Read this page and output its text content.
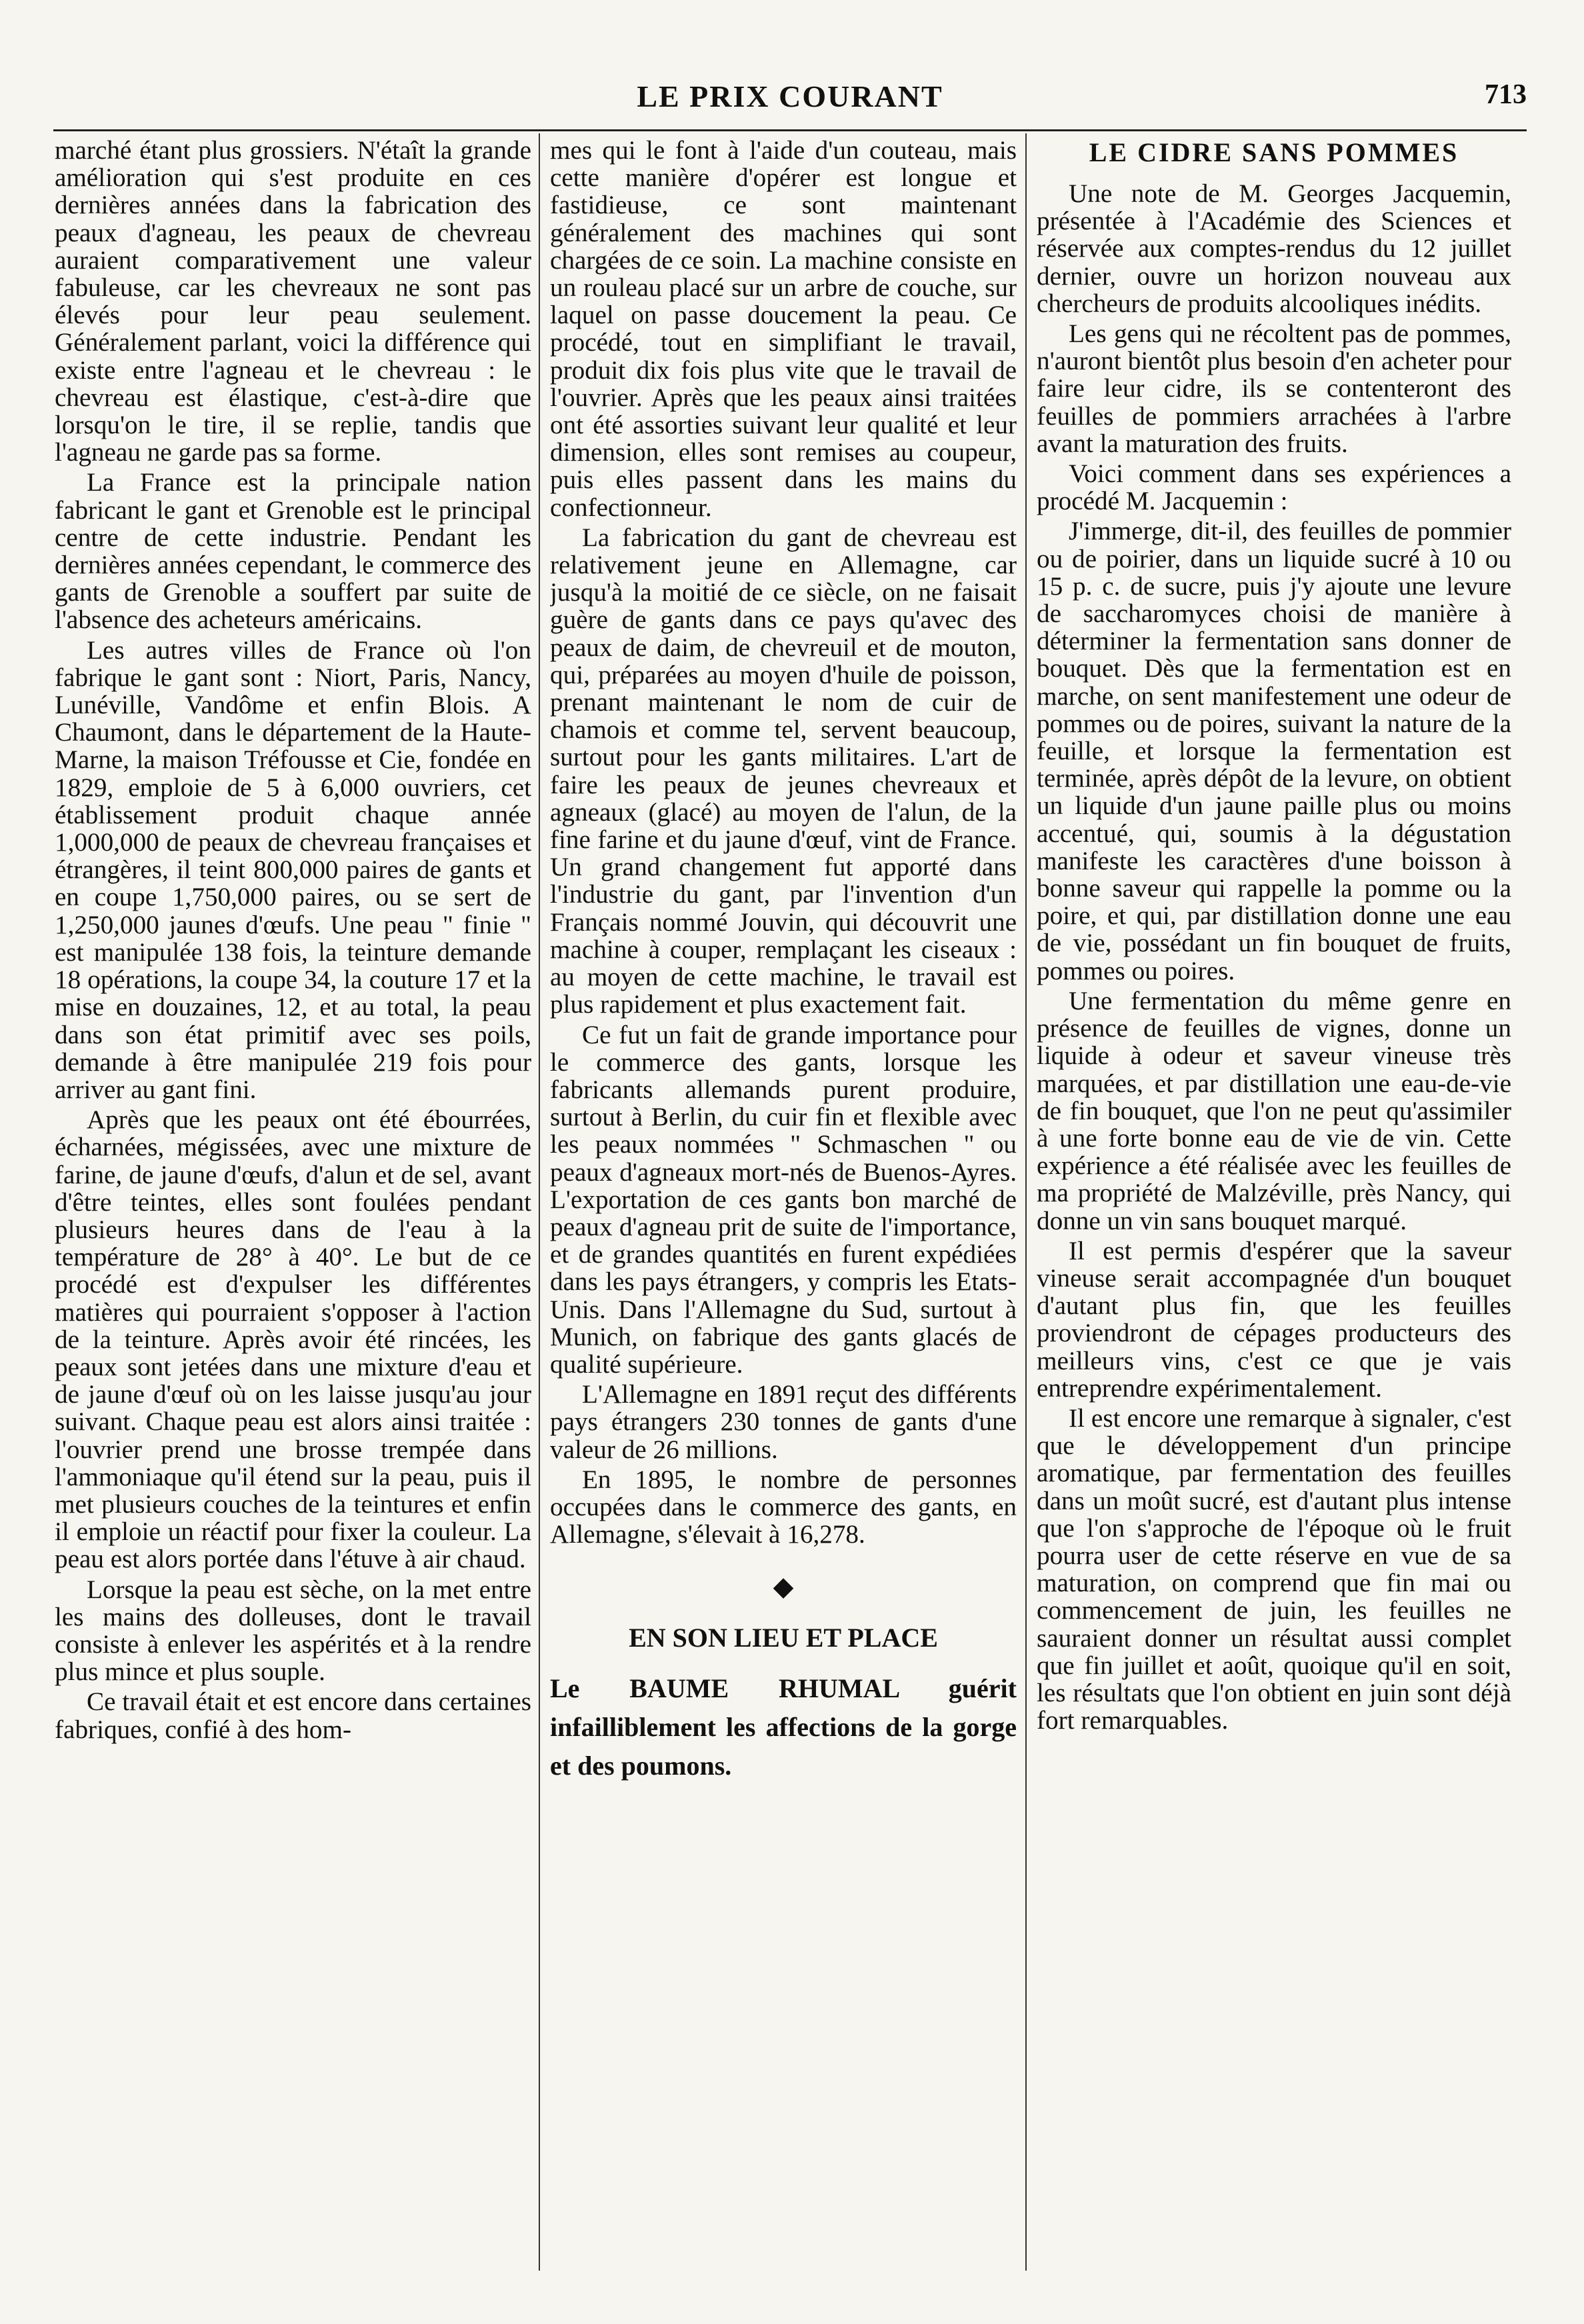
LE PRIX COURANT	713

marché étant plus grossiers. N'étaît la grande amélioration qui s'est produite en ces dernières années dans la fabrication des peaux d'agneau, les peaux de chevreau auraient comparativement une valeur fabuleuse, car les chevreaux ne sont pas élevés pour leur peau seulement. Généralement parlant, voici la différence qui existe entre l'agneau et le chevreau : le chevreau est élastique, c'est-à-dire que lorsqu'on le tire, il se replie, tandis que l'agneau ne garde pas sa forme.

La France est la principale nation fabricant le gant et Grenoble est le principal centre de cette industrie. Pendant les dernières années cependant, le commerce des gants de Grenoble a souffert par suite de l'absence des acheteurs américains.

Les autres villes de France où l'on fabrique le gant sont : Niort, Paris, Nancy, Lunéville, Vandôme et enfin Blois. A Chaumont, dans le département de la Haute-Marne, la maison Tréfousse et Cie, fondée en 1829, emploie de 5 à 6,000 ouvriers, cet établissement produit chaque année 1,000,000 de peaux de chevreau françaises et étrangères, il teint 800,000 paires de gants et en coupe 1,750,000 paires, ou se sert de 1,250,000 jaunes d'œufs. Une peau " finie " est manipulée 138 fois, la teinture demande 18 opérations, la coupe 34, la couture 17 et la mise en douzaines, 12, et au total, la peau dans son état primitif avec ses poils, demande à être manipulée 219 fois pour arriver au gant fini.

Après que les peaux ont été ébourrées, écharnées, mégissées, avec une mixture de farine, de jaune d'œufs, d'alun et de sel, avant d'être teintes, elles sont foulées pendant plusieurs heures dans de l'eau à la température de 28° à 40°. Le but de ce procédé est d'expulser les différentes matières qui pourraient s'opposer à l'action de la teinture. Après avoir été rincées, les peaux sont jetées dans une mixture d'eau et de jaune d'œuf où on les laisse jusqu'au jour suivant. Chaque peau est alors ainsi traitée : l'ouvrier prend une brosse trempée dans l'ammoniaque qu'il étend sur la peau, puis il met plusieurs couches de la teintures et enfin il emploie un réactif pour fixer la couleur. La peau est alors portée dans l'étuve à air chaud.

Lorsque la peau est sèche, on la met entre les mains des dolleuses, dont le travail consiste à enlever les aspérités et à la rendre plus mince et plus souple.

Ce travail était et est encore dans certaines fabriques, confié à des hom-

mes qui le font à l'aide d'un couteau, mais cette manière d'opérer est longue et fastidieuse, ce sont maintenant généralement des machines qui sont chargées de ce soin. La machine consiste en un rouleau placé sur un arbre de couche, sur laquel on passe doucement la peau. Ce procédé, tout en simplifiant le travail, produit dix fois plus vite que le travail de l'ouvrier. Après que les peaux ainsi traitées ont été assorties suivant leur qualité et leur dimension, elles sont remises au coupeur, puis elles passent dans les mains du confectionneur.

La fabrication du gant de chevreau est relativement jeune en Allemagne, car jusqu'à la moitié de ce siècle, on ne faisait guère de gants dans ce pays qu'avec des peaux de daim, de chevreuil et de mouton, qui, préparées au moyen d'huile de poisson, prenant maintenant le nom de cuir de chamois et comme tel, servent beaucoup, surtout pour les gants militaires. L'art de faire les peaux de jeunes chevreaux et agneaux (glacé) au moyen de l'alun, de la fine farine et du jaune d'œuf, vint de France. Un grand changement fut apporté dans l'industrie du gant, par l'invention d'un Français nommé Jouvin, qui découvrit une machine à couper, remplaçant les ciseaux : au moyen de cette machine, le travail est plus rapidement et plus exactement fait.

Ce fut un fait de grande importance pour le commerce des gants, lorsque les fabricants allemands purent produire, surtout à Berlin, du cuir fin et flexible avec les peaux nommées " Schmaschen " ou peaux d'agneaux mort-nés de Buenos-Ayres. L'exportation de ces gants bon marché de peaux d'agneau prit de suite de l'importance, et de grandes quantités en furent expédiées dans les pays étrangers, y compris les Etats-Unis. Dans l'Allemagne du Sud, surtout à Munich, on fabrique des gants glacés de qualité supérieure.

L'Allemagne en 1891 reçut des différents pays étrangers 230 tonnes de gants d'une valeur de 26 millions.

En 1895, le nombre de personnes occupées dans le commerce des gants, en Allemagne, s'élevait à 16,278.

◆
EN SON LIEU ET PLACE

Le BAUME RHUMAL guérit infailliblement les affections de la gorge et des poumons.

LE CIDRE SANS POMMES

Une note de M. Georges Jacquemin, présentée à l'Académie des Sciences et réservée aux comptes-rendus du 12 juillet dernier, ouvre un horizon nouveau aux chercheurs de produits alcooliques inédits.

Les gens qui ne récoltent pas de pommes, n'auront bientôt plus besoin d'en acheter pour faire leur cidre, ils se contenteront des feuilles de pommiers arrachées à l'arbre avant la maturation des fruits.

Voici comment dans ses expériences a procédé M. Jacquemin :

J'immerge, dit-il, des feuilles de pommier ou de poirier, dans un liquide sucré à 10 ou 15 p. c. de sucre, puis j'y ajoute une levure de saccharomyces choisi de manière à déterminer la fermentation sans donner de bouquet. Dès que la fermentation est en marche, on sent manifestement une odeur de pommes ou de poires, suivant la nature de la feuille, et lorsque la fermentation est terminée, après dépôt de la levure, on obtient un liquide d'un jaune paille plus ou moins accentué, qui, soumis à la dégustation manifeste les caractères d'une boisson à bonne saveur qui rappelle la pomme ou la poire, et qui, par distillation donne une eau de vie, possédant un fin bouquet de fruits, pommes ou poires.

Une fermentation du même genre en présence de feuilles de vignes, donne un liquide à odeur et saveur vineuse très marquées, et par distillation une eau-de-vie de fin bouquet, que l'on ne peut qu'assimiler à une forte bonne eau de vie de vin. Cette expérience a été réalisée avec les feuilles de ma propriété de Malzéville, près Nancy, qui donne un vin sans bouquet marqué.

Il est permis d'espérer que la saveur vineuse serait accompagnée d'un bouquet d'autant plus fin, que les feuilles proviendront de cépages producteurs des meilleurs vins, c'est ce que je vais entreprendre expérimentalement.

Il est encore une remarque à signaler, c'est que le développement d'un principe aromatique, par fermentation des feuilles dans un moût sucré, est d'autant plus intense que l'on s'approche de l'époque où le fruit pourra user de cette réserve en vue de sa maturation, on comprend que fin mai ou commencement de juin, les feuilles ne sauraient donner un résultat aussi complet que fin juillet et août, quoique qu'il en soit, les résultats que l'on obtient en juin sont déjà fort remarquables.
